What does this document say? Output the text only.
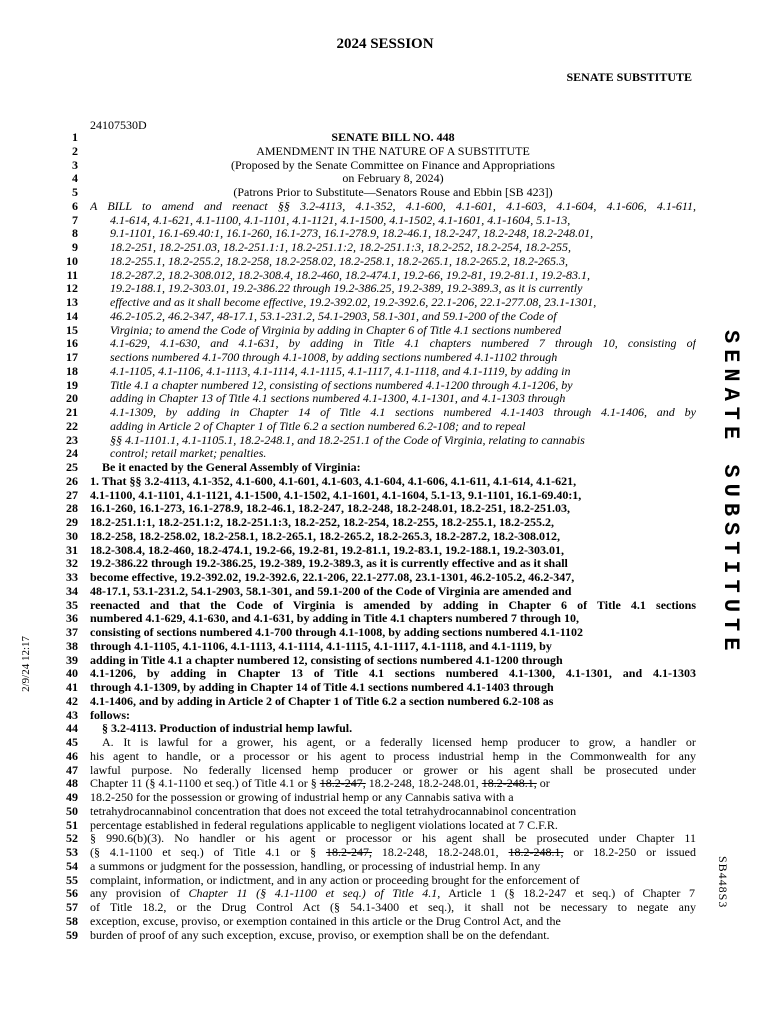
2024 SESSION
SENATE SUBSTITUTE
24107530D
1	SENATE BILL NO. 448
2	AMENDMENT IN THE NATURE OF A SUBSTITUTE
3	(Proposed by the Senate Committee on Finance and Appropriations
4	on February 8, 2024)
5	(Patrons Prior to Substitute—Senators Rouse and Ebbin [SB 423])
6 A BILL to amend and reenact §§ 3.2-4113, 4.1-352, 4.1-600, 4.1-601, 4.1-603, 4.1-604, 4.1-606, 4.1-611,
7	4.1-614, 4.1-621, 4.1-1100, 4.1-1101, 4.1-1121, 4.1-1500, 4.1-1502, 4.1-1601, 4.1-1604, 5.1-13,
8	9.1-1101, 16.1-69.40:1, 16.1-260, 16.1-273, 16.1-278.9, 18.2-46.1, 18.2-247, 18.2-248, 18.2-248.01,
9	18.2-251, 18.2-251.03, 18.2-251.1:1, 18.2-251.1:2, 18.2-251.1:3, 18.2-252, 18.2-254, 18.2-255,
10	18.2-255.1, 18.2-255.2, 18.2-258, 18.2-258.02, 18.2-258.1, 18.2-265.1, 18.2-265.2, 18.2-265.3,
11	18.2-287.2, 18.2-308.012, 18.2-308.4, 18.2-460, 18.2-474.1, 19.2-66, 19.2-81, 19.2-81.1, 19.2-83.1,
12	19.2-188.1, 19.2-303.01, 19.2-386.22 through 19.2-386.25, 19.2-389, 19.2-389.3, as it is currently
13	effective and as it shall become effective, 19.2-392.02, 19.2-392.6, 22.1-206, 22.1-277.08, 23.1-1301,
14	46.2-105.2, 46.2-347, 48-17.1, 53.1-231.2, 54.1-2903, 58.1-301, and 59.1-200 of the Code of
15	Virginia; to amend the Code of Virginia by adding in Chapter 6 of Title 4.1 sections numbered
16	4.1-629, 4.1-630, and 4.1-631, by adding in Title 4.1 chapters numbered 7 through 10, consisting of
17	sections numbered 4.1-700 through 4.1-1008, by adding sections numbered 4.1-1102 through
18	4.1-1105, 4.1-1106, 4.1-1113, 4.1-1114, 4.1-1115, 4.1-1117, 4.1-1118, and 4.1-1119, by adding in
19	Title 4.1 a chapter numbered 12, consisting of sections numbered 4.1-1200 through 4.1-1206, by
20	adding in Chapter 13 of Title 4.1 sections numbered 4.1-1300, 4.1-1301, and 4.1-1303 through
21	4.1-1309, by adding in Chapter 14 of Title 4.1 sections numbered 4.1-1403 through 4.1-1406, and by
22	adding in Article 2 of Chapter 1 of Title 6.2 a section numbered 6.2-108; and to repeal
23	§§ 4.1-1101.1, 4.1-1105.1, 18.2-248.1, and 18.2-251.1 of the Code of Virginia, relating to cannabis
24	control; retail market; penalties.
25	Be it enacted by the General Assembly of Virginia:
26 1. That §§ 3.2-4113, 4.1-352, 4.1-600, 4.1-601, 4.1-603, 4.1-604, 4.1-606, 4.1-611, 4.1-614, 4.1-621,
27 4.1-1100, 4.1-1101, 4.1-1121, 4.1-1500, 4.1-1502, 4.1-1601, 4.1-1604, 5.1-13, 9.1-1101, 16.1-69.40:1,
28 16.1-260, 16.1-273, 16.1-278.9, 18.2-46.1, 18.2-247, 18.2-248, 18.2-248.01, 18.2-251, 18.2-251.03,
29 18.2-251.1:1, 18.2-251.1:2, 18.2-251.1:3, 18.2-252, 18.2-254, 18.2-255, 18.2-255.1, 18.2-255.2,
30 18.2-258, 18.2-258.02, 18.2-258.1, 18.2-265.1, 18.2-265.2, 18.2-265.3, 18.2-287.2, 18.2-308.012,
31 18.2-308.4, 18.2-460, 18.2-474.1, 19.2-66, 19.2-81, 19.2-81.1, 19.2-83.1, 19.2-188.1, 19.2-303.01,
32 19.2-386.22 through 19.2-386.25, 19.2-389, 19.2-389.3, as it is currently effective and as it shall
33 become effective, 19.2-392.02, 19.2-392.6, 22.1-206, 22.1-277.08, 23.1-1301, 46.2-105.2, 46.2-347,
34 48-17.1, 53.1-231.2, 54.1-2903, 58.1-301, and 59.1-200 of the Code of Virginia are amended and
35 reenacted and that the Code of Virginia is amended by adding in Chapter 6 of Title 4.1 sections
36 numbered 4.1-629, 4.1-630, and 4.1-631, by adding in Title 4.1 chapters numbered 7 through 10,
37 consisting of sections numbered 4.1-700 through 4.1-1008, by adding sections numbered 4.1-1102
38 through 4.1-1105, 4.1-1106, 4.1-1113, 4.1-1114, 4.1-1115, 4.1-1117, 4.1-1118, and 4.1-1119, by
39 adding in Title 4.1 a chapter numbered 12, consisting of sections numbered 4.1-1200 through
40 4.1-1206, by adding in Chapter 13 of Title 4.1 sections numbered 4.1-1300, 4.1-1301, and 4.1-1303
41 through 4.1-1309, by adding in Chapter 14 of Title 4.1 sections numbered 4.1-1403 through
42 4.1-1406, and by adding in Article 2 of Chapter 1 of Title 6.2 a section numbered 6.2-108 as
43 follows:
44	§ 3.2-4113. Production of industrial hemp lawful.
45	A. It is lawful for a grower, his agent, or a federally licensed hemp producer to grow, a handler or
46 his agent to handle, or a processor or his agent to process industrial hemp in the Commonwealth for any
47 lawful purpose. No federally licensed hemp producer or grower or his agent shall be prosecuted under
48 Chapter 11 (§ 4.1-1100 et seq.) of Title 4.1 or § 18.2-247, 18.2-248, 18.2-248.01, 18.2-248.1, or
49 18.2-250 for the possession or growing of industrial hemp or any Cannabis sativa with a
50 tetrahydrocannabinol concentration that does not exceed the total tetrahydrocannabinol concentration
51 percentage established in federal regulations applicable to negligent violations located at 7 C.F.R.
52 § 990.6(b)(3). No handler or his agent or processor or his agent shall be prosecuted under Chapter 11
53 (§ 4.1-1100 et seq.) of Title 4.1 or § 18.2-247, 18.2-248, 18.2-248.01, 18.2-248.1, or 18.2-250 or issued
54 a summons or judgment for the possession, handling, or processing of industrial hemp. In any
55 complaint, information, or indictment, and in any action or proceeding brought for the enforcement of
56 any provision of Chapter 11 (§ 4.1-1100 et seq.) of Title 4.1, Article 1 (§ 18.2-247 et seq.) of Chapter 7
57 of Title 18.2, or the Drug Control Act (§ 54.1-3400 et seq.), it shall not be necessary to negate any
58 exception, excuse, proviso, or exemption contained in this article or the Drug Control Act, and the
59 burden of proof of any such exception, excuse, proviso, or exemption shall be on the defendant.
SENATE SUBSTITUTE
SB448S3
2/9/24 12:17
